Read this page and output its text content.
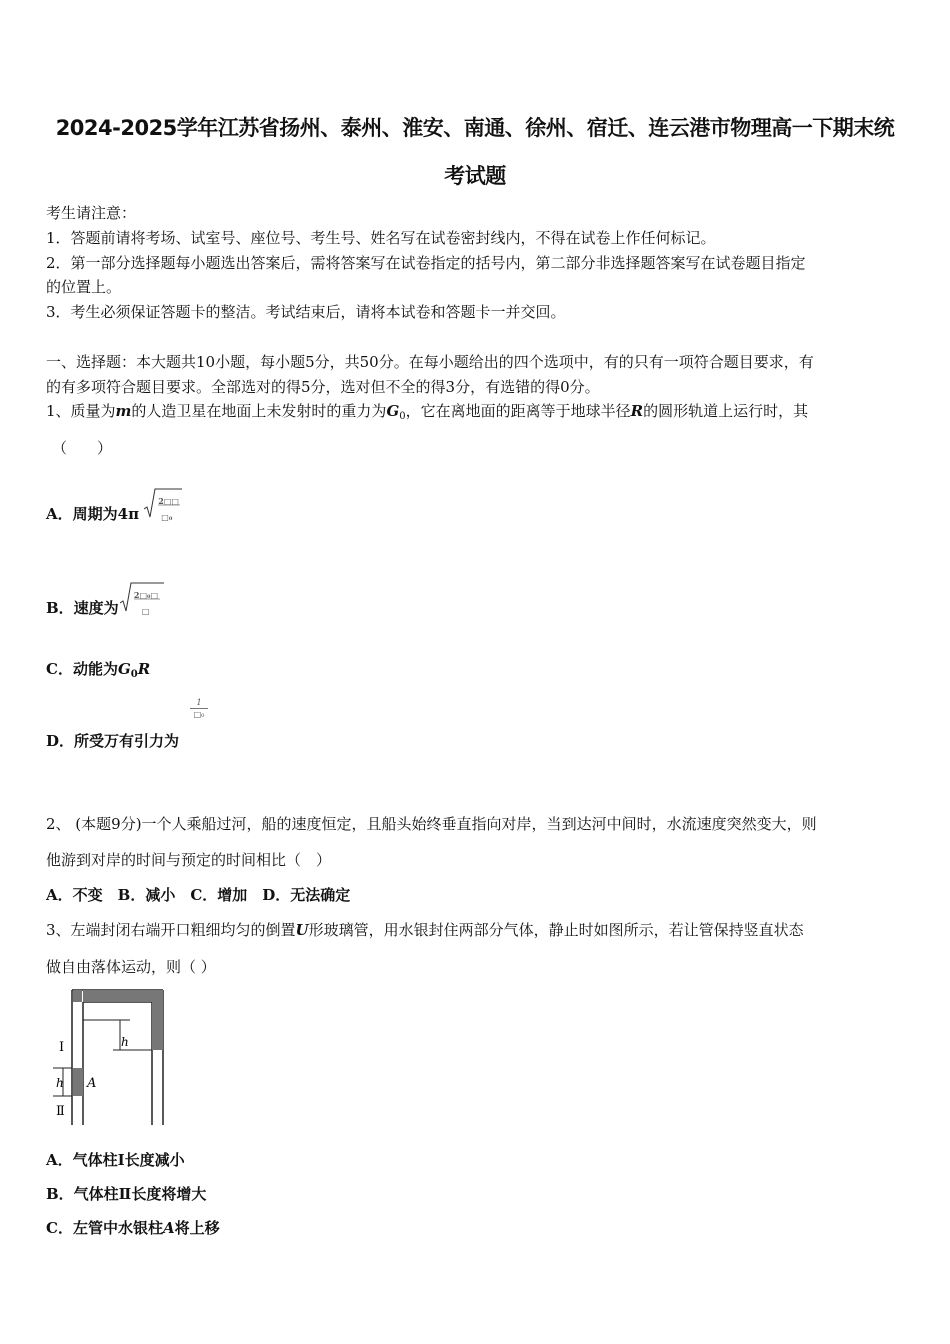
2024-2025学年江苏省扬州、泰州、淮安、南通、徐州、宿迁、连云港市物理高一下期末统
考试题
考生请注意：
1．答题前请将考场、试室号、座位号、考生号、姓名写在试卷密封线内，不得在试卷上作任何标记。
2．第一部分选择题每小题选出答案后，需将答案写在试卷指定的括号内，第二部分非选择题答案写在试卷题目指定
的位置上。
3．考生必须保证答题卡的整洁。考试结束后，请将本试卷和答题卡一并交回。
一、选择题：本大题共10小题，每小题5分，共50分。在每小题给出的四个选项中，有的只有一项符合题目要求，有
的有多项符合题目要求。全部选对的得5分，选对但不全的得3分，有选错的得0分。
1、质量为m的人造卫星在地面上未发射时的重力为$G_0$，它在离地面的距离等于地球半径R的圆形轨道上运行时，其
（　　）
A．周期为4π
2□□
□₀
B．速度为
2□₀□
□
C．动能为$G_0R$
D．所受万有引力为
1
□₀
2、 (本题9分)一个人乘船过河，船的速度恒定，且船头始终垂直指向对岸，当到达河中间时，水流速度突然变大，则
他游到对岸的时间与预定的时间相比（　）
A．不变　B．减小　C．增加　D．无法确定
3、左端封闭右端开口粗细均匀的倒置U形玻璃管，用水银封住两部分气体，静止时如图所示，若让管保持竖直状态
做自由落体运动，则（ ）
h
h
Ⅰ
Ⅱ
A
A．气体柱Ⅰ长度减小
B．气体柱Ⅱ长度将增大
C．左管中水银柱A将上移
